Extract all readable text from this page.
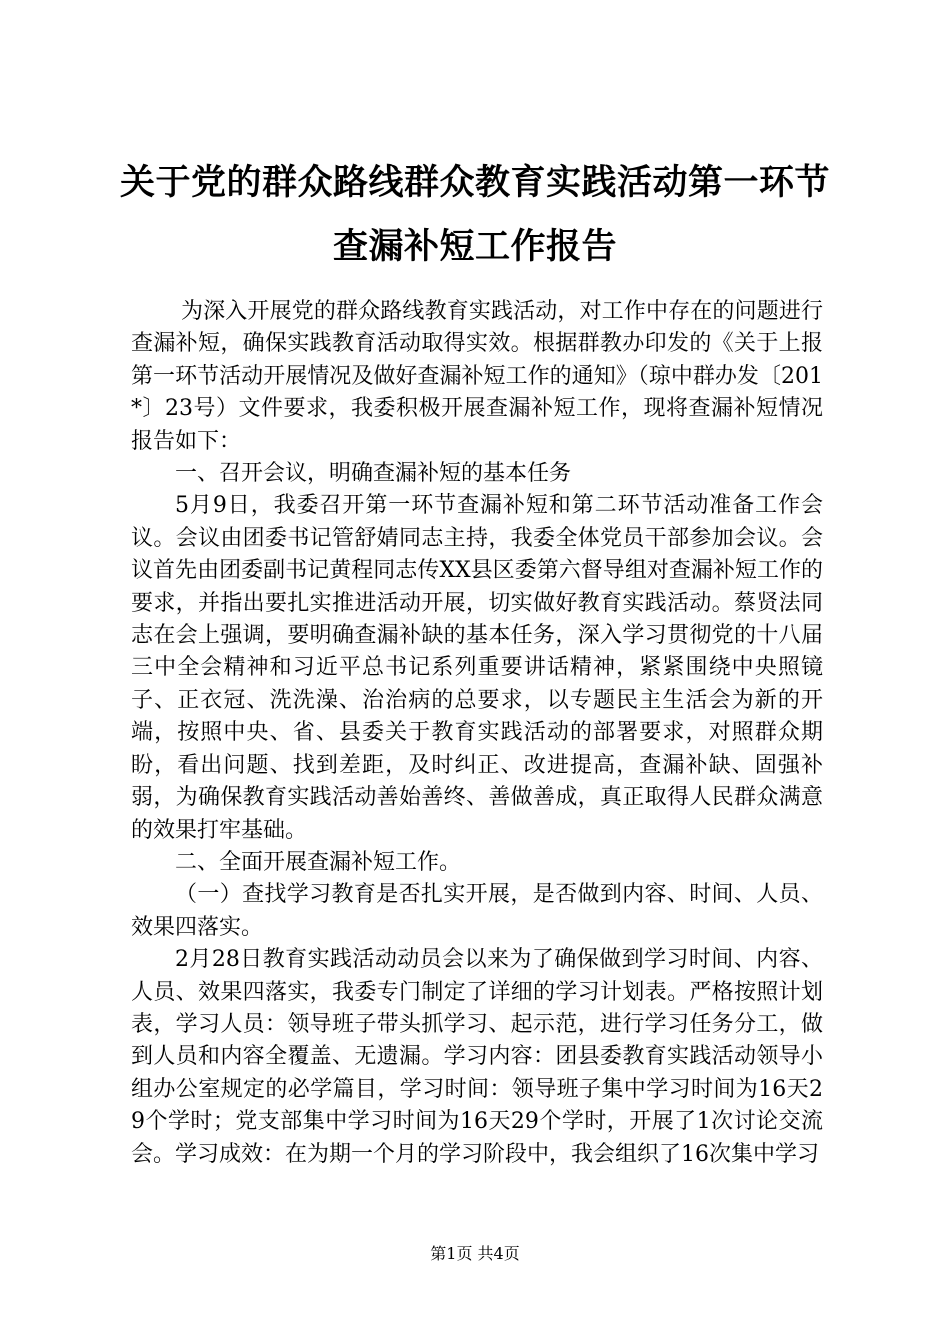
关于党的群众路线群众教育实践活动第一环节
查漏补短工作报告

为深入开展党的群众路线教育实践活动，对工作中存在的问题进行查漏补短，确保实践教育活动取得实效。根据群教办印发的《关于上报第一环节活动开展情况及做好查漏补短工作的通知》（琼中群办发〔201*〕23号）文件要求，我委积极开展查漏补短工作，现将查漏补短情况报告如下：

一、召开会议，明确查漏补短的基本任务

5月9日，我委召开第一环节查漏补短和第二环节活动准备工作会议。会议由团委书记管舒婧同志主持，我委全体党员干部参加会议。会议首先由团委副书记黄程同志传XX县区委第六督导组对查漏补短工作的要求，并指出要扎实推进活动开展，切实做好教育实践活动。蔡贤法同志在会上强调，要明确查漏补缺的基本任务，深入学习贯彻党的十八届三中全会精神和习近平总书记系列重要讲话精神，紧紧围绕中央照镜子、正衣冠、洗洗澡、治治病的总要求，以专题民主生活会为新的开端，按照中央、省、县委关于教育实践活动的部署要求，对照群众期盼，看出问题、找到差距，及时纠正、改进提高，查漏补缺、固强补弱，为确保教育实践活动善始善终、善做善成，真正取得人民群众满意的效果打牢基础。

二、全面开展查漏补短工作。

（一）查找学习教育是否扎实开展，是否做到内容、时间、人员、效果四落实。

2月28日教育实践活动动员会以来为了确保做到学习时间、内容、人员、效果四落实，我委专门制定了详细的学习计划表。严格按照计划表，学习人员：领导班子带头抓学习、起示范，进行学习任务分工，做到人员和内容全覆盖、无遗漏。学习内容：团县委教育实践活动领导小组办公室规定的必学篇目，学习时间：领导班子集中学习时间为16天29个学时；党支部集中学习时间为16天29个学时，开展了1次讨论交流会。学习成效：在为期一个月的学习阶段中，我会组织了16次集中学习

第1页 共4页
